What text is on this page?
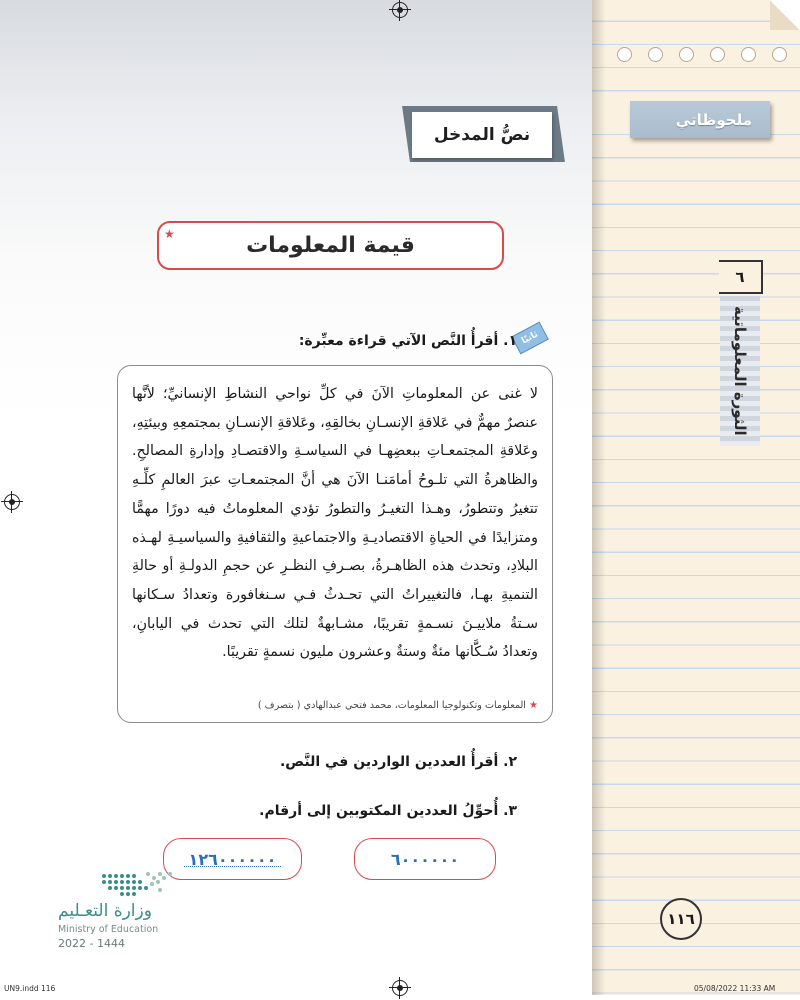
ملحوظاتي
٦
الثورة المعلوماتية
نصُّ المدخل
قيمة المعلومات
★
ثانيًا
١. أقرأُ النَّص الآتي قراءة معبِّرة:

لا غنى عن المعلوماتِ الآنَ في كلِّ نواحي النشاطِ الإنسانيِّ؛ لأنَّها عنصرٌ مهمٌّ في عَلاقةِ الإنسـانِ بخالقِهِ، وعَلاقةِ الإنسـانِ بمجتمعِهِ وبيئتِهِ، وعَلاقةِ المجتمعـاتِ ببعضِهـا في السياسـةِ والاقتصـادِ وإدارةِ المصالحِ. والظاهرةُ التي تلـوحُ أمامَنـا الآنَ هي أنَّ المجتمعـاتِ عبرَ العالمِ كلِّـهِ تتغيرُ وتتطورُ، وهـذا التغيـرُ والتطورُ تؤدي المعلوماتُ فيه دورًا مهمًّا ومتزايدًا في الحياةِ الاقتصاديـةِ والاجتماعيةِ والثقافيةِ والسياسيـةِ لهـذه البلادِ، وتحدث هذه الظاهـرةُ، بصـرفِ النظـرِ عن حجمِ الدولـةِ أو حالةِ التنميةِ بهـا، فالتغييراتُ التي تحـدثُ فـي سـنغافورة وتعدادُ سـكانها سـتةُ ملاييـنَ نسـمةٍ تقريبًا، مشـابهةٌ لتلك التي تحدث في اليابانِ، وتعدادُ سُـكَّانها مئةٌ وستةٌ وعشرون مليون نسمةٍ تقريبًا.

★ المعلومات وتكنولوجيا المعلومات، محمد فتحي عبدالهادي ( بتصرف )
٢. أقرأُ العددين الواردين في النَّص.
٣. أُحوِّلُ العددين المكتوبين إلى أرقام.
١٢٦٠٠٠٠٠٠	٦٠٠٠٠٠٠
١١٦
وزارة التعـليم
Ministry of Education
2022 - 1444
UN9.indd 116	05/08/2022 11:33 AM
